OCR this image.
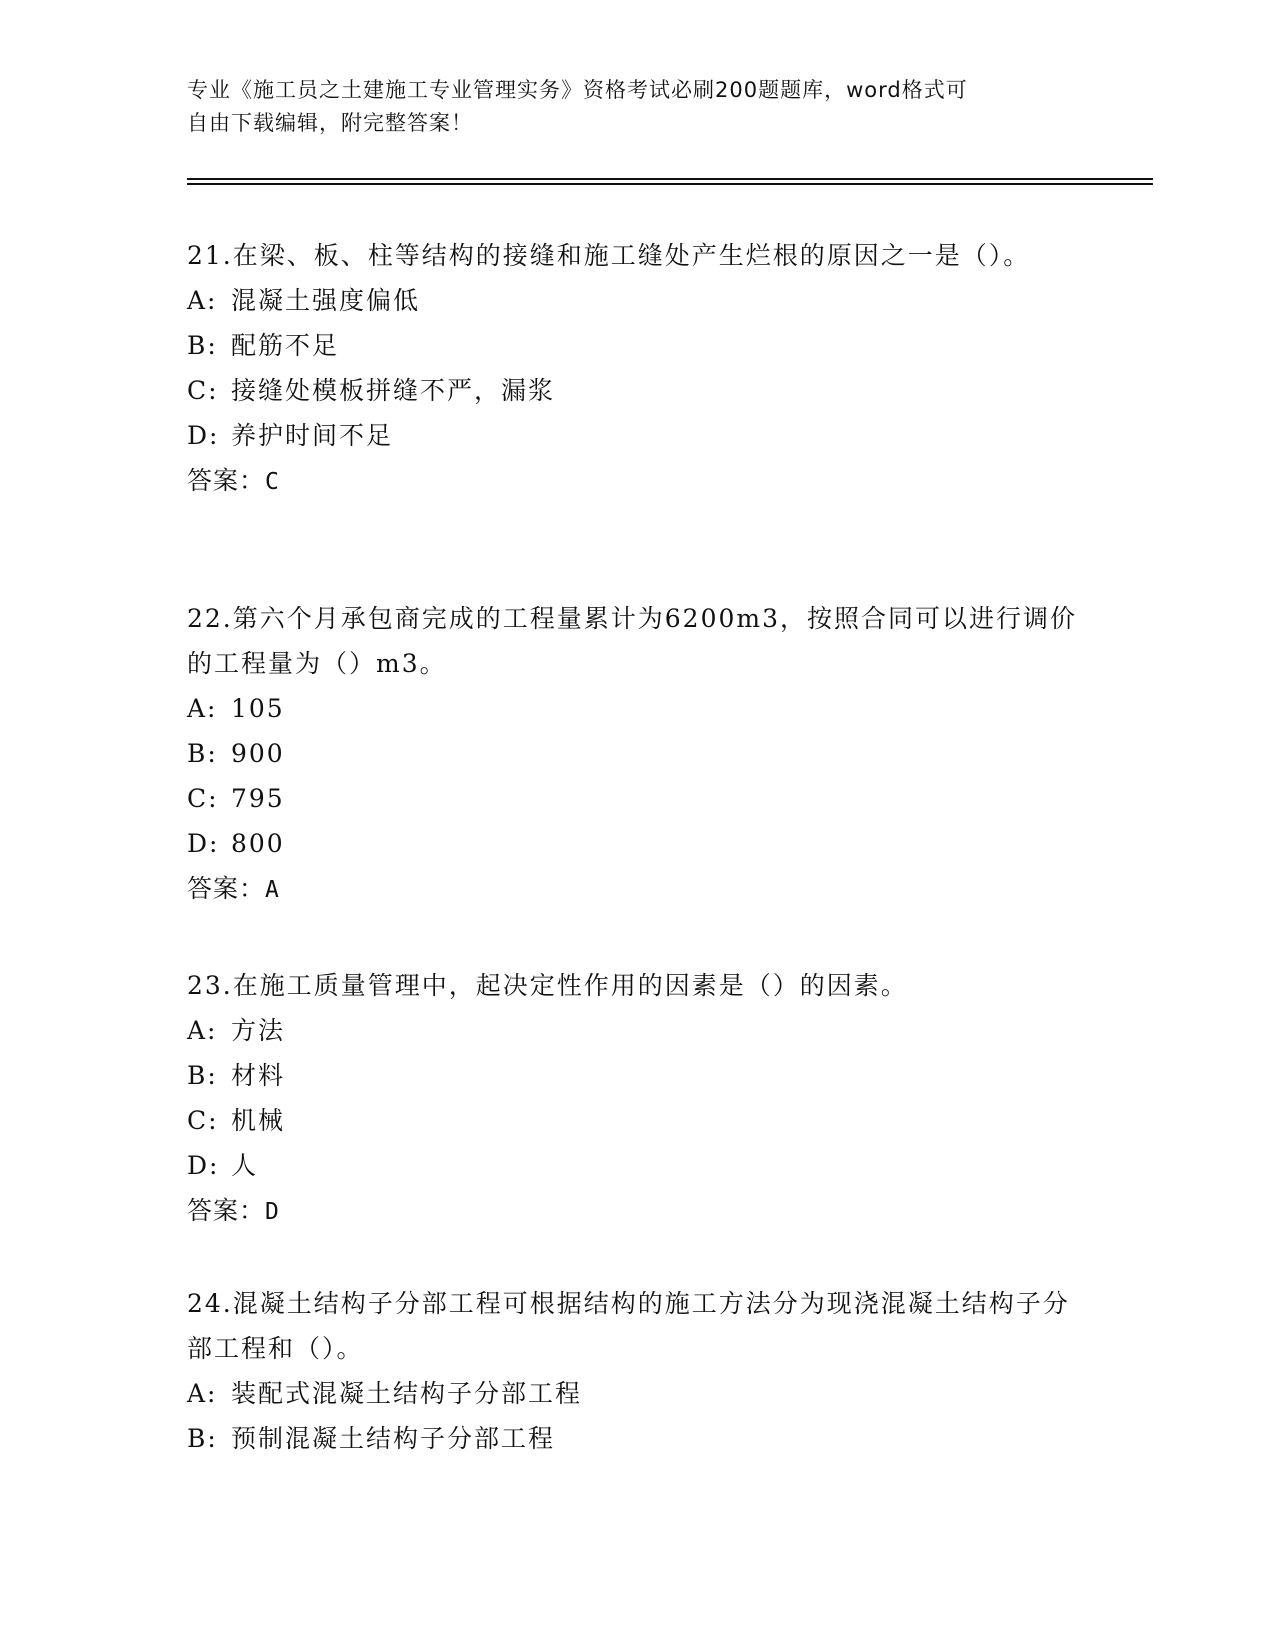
专业《施工员之土建施工专业管理实务》资格考试必刷200题题库，word格式可
自由下载编辑，附完整答案！

21.在梁、板、柱等结构的接缝和施工缝处产生烂根的原因之一是（）。

A: 混凝土强度偏低

B: 配筋不足

C: 接缝处模板拼缝不严，漏浆

D: 养护时间不足

答案：C

22.第六个月承包商完成的工程量累计为6200m3，按照合同可以进行调价的工程量为（）m3。

A: 105

B: 900

C: 795

D: 800

答案：A

23.在施工质量管理中，起决定性作用的因素是（）的因素。

A: 方法

B: 材料

C: 机械

D: 人

答案：D

24.混凝土结构子分部工程可根据结构的施工方法分为现浇混凝土结构子分部工程和（）。

A: 装配式混凝土结构子分部工程

B: 预制混凝土结构子分部工程
